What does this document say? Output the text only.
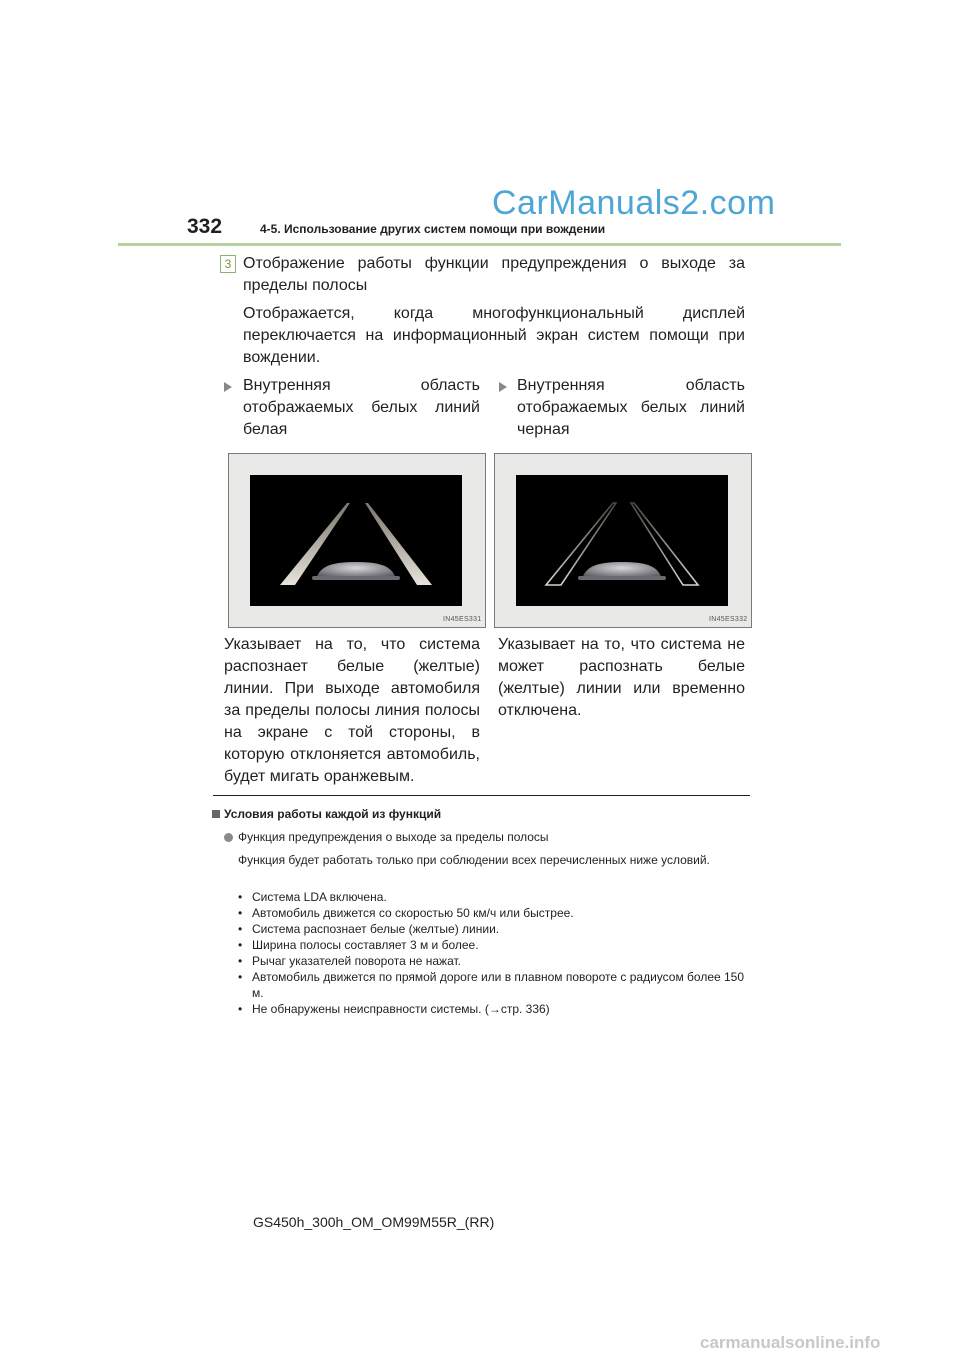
CarManuals2.com
332	4-5. Использование других систем помощи при вождении
3 Отображение работы функции предупреждения о выходе за пределы полосы
Отображается, когда многофункциональный дисплей переключается на информационный экран систем помощи при вождении.
Внутренняя область отображаемых белых линий белая
Внутренняя область отображаемых белых линий черная
IN45ES331	IN45ES332
Указывает на то, что система распознает белые (желтые) линии. При выходе автомобиля за пределы полосы линия полосы на экране с той стороны, в которую отклоняется автомобиль, будет мигать оранжевым.
Указывает на то, что система не может распознать белые (желтые) линии или временно отключена.
Условия работы каждой из функций
Функция предупреждения о выходе за пределы полосы
Функция будет работать только при соблюдении всех перечисленных ниже условий.
• Система LDA включена.
• Автомобиль движется со скоростью 50 км/ч или быстрее.
• Система распознает белые (желтые) линии.
• Ширина полосы составляет 3 м и более.
• Рычаг указателей поворота не нажат.
• Автомобиль движется по прямой дороге или в плавном повороте с радиусом более 150 м.
• Не обнаружены неисправности системы. (→стр. 336)
GS450h_300h_OM_OM99M55R_(RR)
carmanualsonline.info
